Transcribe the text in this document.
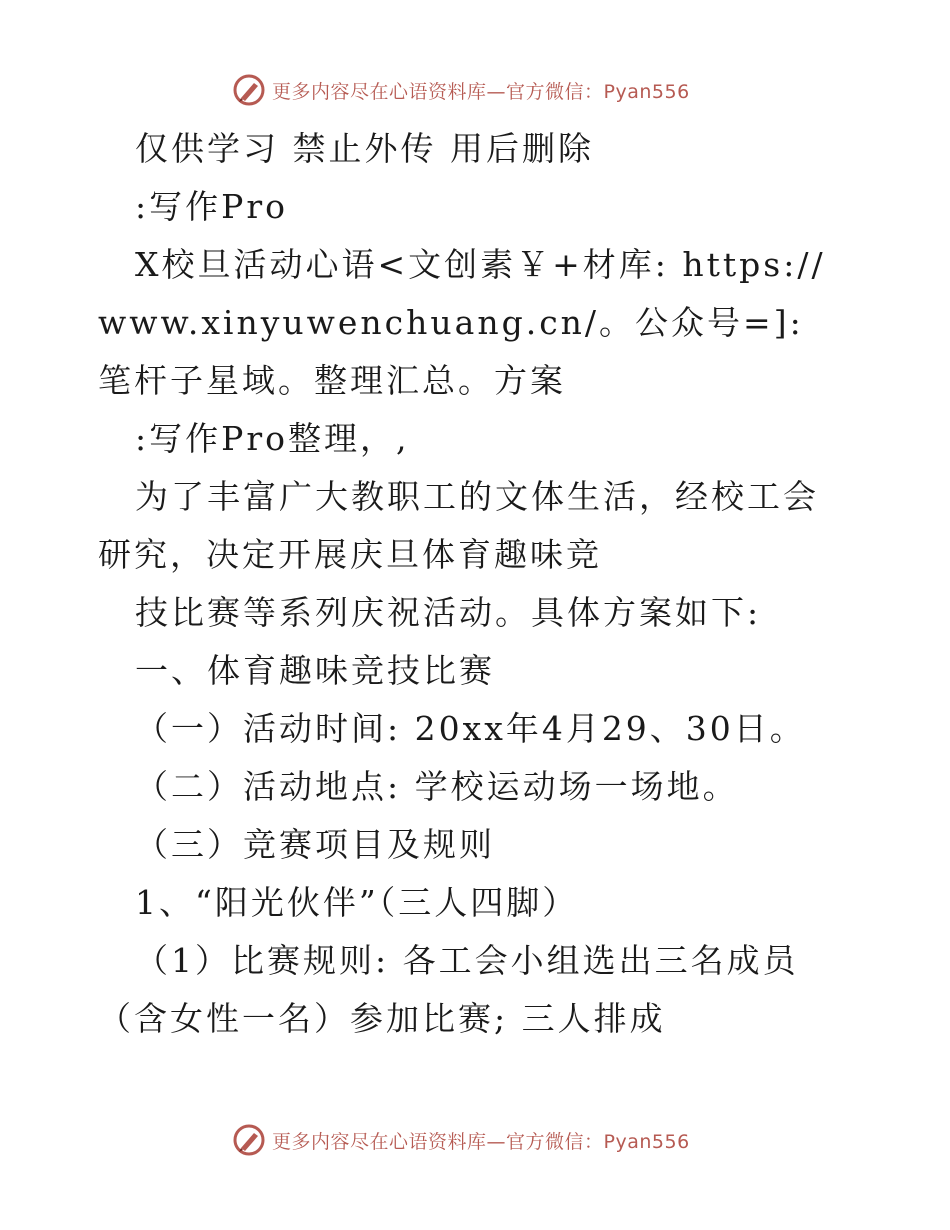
更多内容尽在心语资料库—官方微信：Pyan556

仅供学习 禁止外传 用后删除

:写作Pro

X校旦活动心语<文创素￥+材库: https://www.xinyuwenchuang.cn/。公众号=]: 笔杆子星域。整理汇总。方案

:写作Pro整理，,

为了丰富广大教职工的文体生活，经校工会研究，决定开展庆旦体育趣味竞

技比赛等系列庆祝活动。具体方案如下:

一、体育趣味竞技比赛

（一）活动时间: 20xx年4月29、30日。

（二）活动地点: 学校运动场一场地。

（三）竞赛项目及规则

1、“阳光伙伴”（三人四脚）

（1）比赛规则: 各工会小组选出三名成员（含女性一名）参加比赛; 三人排成

更多内容尽在心语资料库—官方微信：Pyan556
